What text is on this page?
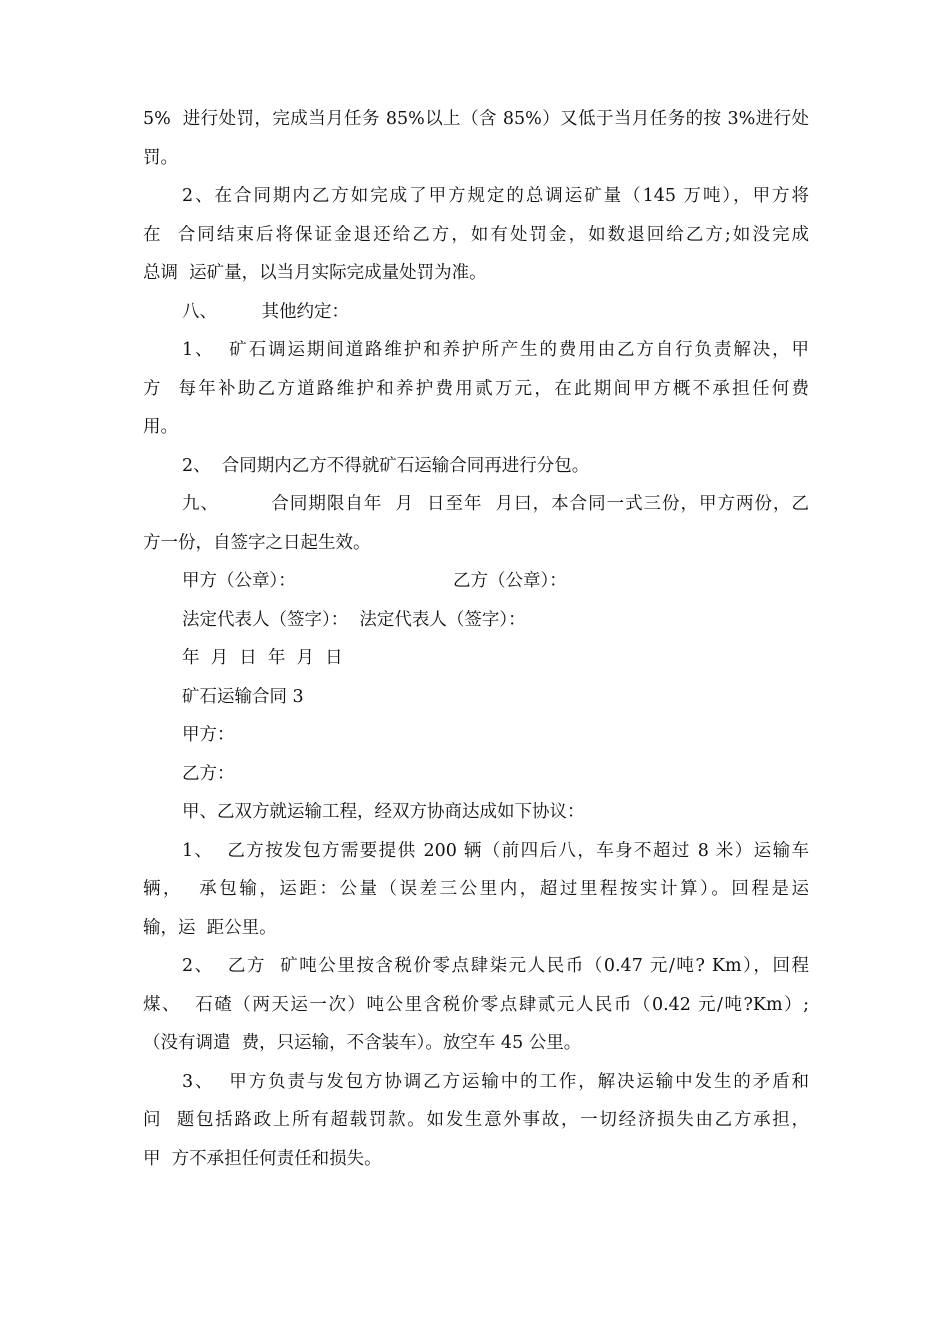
5%  进行处罚，完成当月任务 85%以上（含 85%）又低于当月任务的按 3%进行处
罚。
2、在合同期内乙方如完成了甲方规定的总调运矿量（145 万吨），甲方将
在  合同结束后将保证金退还给乙方，如有处罚金，如数退回给乙方;如没完成
总调  运矿量，以当月实际完成量处罚为准。
八、        其他约定：
1、  矿石调运期间道路维护和养护所产生的费用由乙方自行负责解决，甲
方  每年补助乙方道路维护和养护费用贰万元，在此期间甲方概不承担任何费
用。
2、  合同期内乙方不得就矿石运输合同再进行分包。
九、        合同期限自年  月  日至年  月曰，本合同一式三份，甲方两份，乙
方一份，自签字之日起生效。
甲方（公章）：	乙方（公章）：
法定代表人（签字）：  法定代表人（签字）：
年  月  日  年  月  日
矿石运输合同 3
甲方：
乙方：
甲、乙双方就运输工程，经双方协商达成如下协议：
1、  乙方按发包方需要提供 200 辆（前四后八，车身不超过 8 米）运输车
辆，  承包输，运距：公量（误差三公里内，超过里程按实计算）。回程是运
输，运  距公里。
2、  乙方  矿吨公里按含税价零点肆柒元人民币（0.47 元/吨? Km），回程
煤、  石碴（两天运一次）吨公里含税价零点肆贰元人民币（0.42 元/吨?Km）;
（没有调遣  费，只运输，不含装车）。放空车 45 公里。
3、  甲方负责与发包方协调乙方运输中的工作，解决运输中发生的矛盾和
问  题包括路政上所有超载罚款。如发生意外事故，一切经济损失由乙方承担，
甲  方不承担任何责任和损失。
